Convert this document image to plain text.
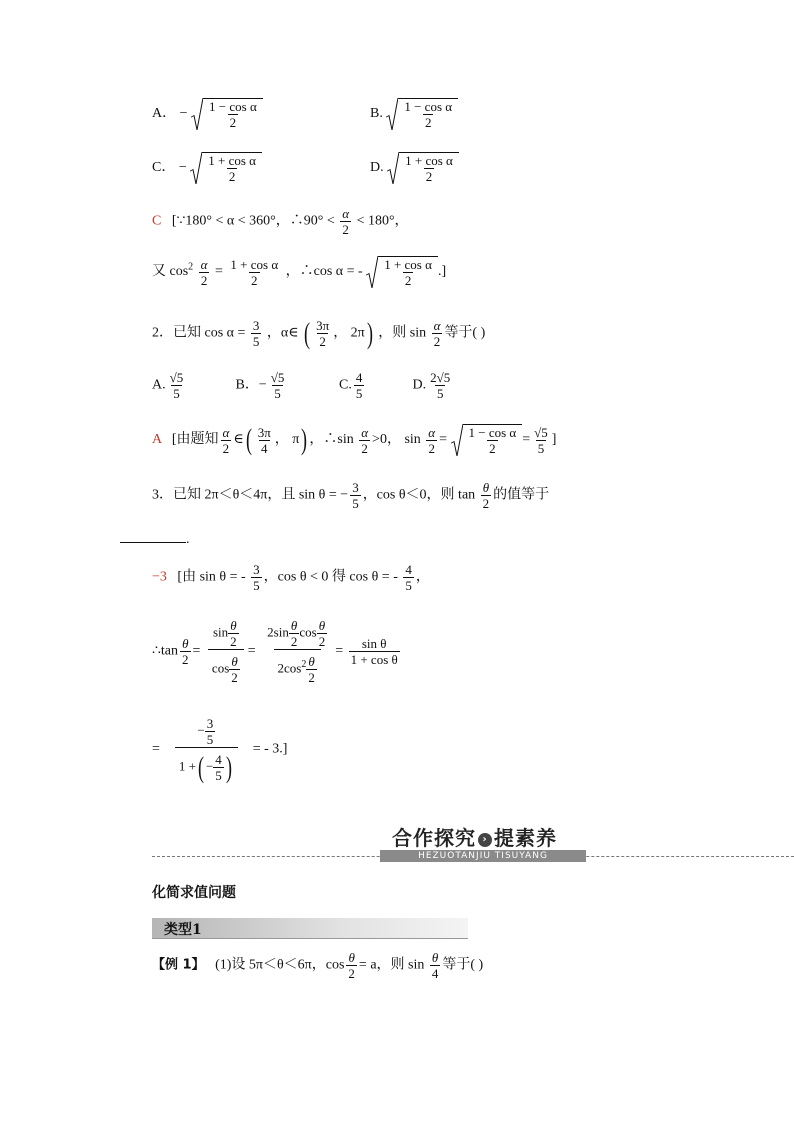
A． − $\frac{\text{1 − cos α}}{2}$	B. $\frac{\text{1 − cos α}}{2}$
C． − $\frac{\text{1 + cos α}}{2}$	D. $\frac{\text{1 + cos α}}{2}$
C [∵180° < α < 360°，∴90° < $\frac{\alpha}{2} < 180^\circ$，
又 $\cos^2 \frac{\alpha}{2} = \frac{\text{1 + cos α}}{2}$ ，∴cos α = - $\frac{\text{1 + cos α}}{2}$ .]
2．已知 $\cos \alpha = \frac{3}{5}$ ，α∈ ( $\frac{3\pi}{2}$ ， 2π) ，则 $\sin \frac{\alpha}{2}$ 等于( )
A. $\frac{√5}{5}$	B．− $\frac{√5}{5}$	C. $\frac{4}{5}$	D. $\frac{2√5}{5}$
A [由题知 $\frac{\alpha}{2}$ ∈( $\frac{3\pi}{4}$ ， π) ，∴sin $\frac{\alpha}{2} >0$， $\sin \frac{\alpha}{2} = \frac{\text{1 − cos α}}{2} = \frac{√5}{5}$ ]
3．已知 2π＜θ＜4π，且 sin θ = − $\frac{3}{5}$ ，cos θ＜0，则 $\tan \frac{\theta}{2}$ 的值等于
.
−3 [由 sin θ = - $\frac{3}{5}$ ，cos θ < 0 得 cos θ = - $\frac{4}{5}$ ，
∴tan $\frac{\theta}{2} = \frac{\sin \frac{\theta}{2}}{\cos \frac{\theta}{2}} = \frac{2\sin \frac{\theta}{2} \cos \frac{\theta}{2}}{2\cos^2 \frac{\theta}{2}} = \frac{\text{sin θ}}{\text{1 + cos θ}}$
= $\frac{- \frac{3}{5}}{1 +( - \frac{4}{5} )}$ = - 3.]
合作探究 › 提素养
HEZUOTANJIU TISUYANG
化简求值问题
类型1
【例 1】 (1)设 5π＜θ＜6π，$\cos \frac{\theta}{2} = a$，则 $\sin \frac{\theta}{4}$ 等于( )
